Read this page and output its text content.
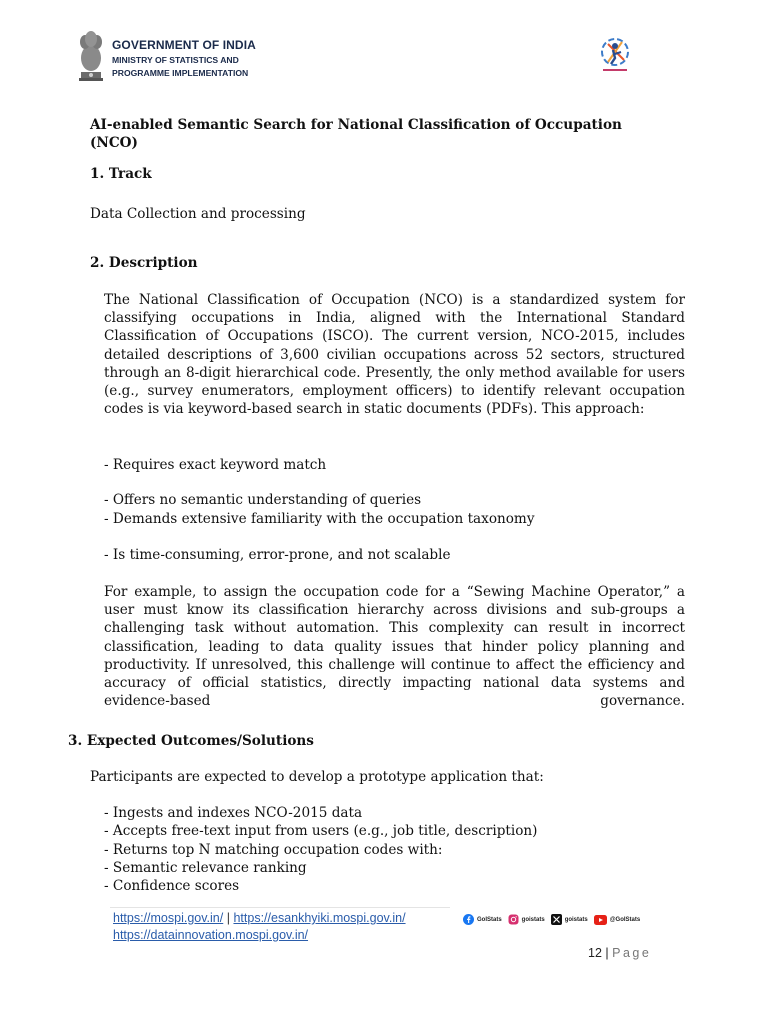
GOVERNMENT OF INDIA
MINISTRY OF STATISTICS AND
PROGRAMME IMPLEMENTATION
AI-enabled Semantic Search for National Classification of Occupation
(NCO)
1. Track
Data Collection and processing
2. Description
The National Classification of Occupation (NCO) is a standardized system for classifying occupations in India, aligned with the International Standard Classification of Occupations (ISCO). The current version, NCO-2015, includes detailed descriptions of 3,600 civilian occupations across 52 sectors, structured through an 8-digit hierarchical code. Presently, the only method available for users (e.g., survey enumerators, employment officers) to identify relevant occupation codes is via keyword-based search in static documents (PDFs). This approach:
- Requires exact keyword match
- Offers no semantic understanding of queries
- Demands extensive familiarity with the occupation taxonomy
- Is time-consuming, error-prone, and not scalable
For example, to assign the occupation code for a “Sewing Machine Operator,” a user must know its classification hierarchy across divisions and sub-groups a challenging task without automation. This complexity can result in incorrect classification, leading to data quality issues that hinder policy planning and productivity. If unresolved, this challenge will continue to affect the efficiency and accuracy of official statistics, directly impacting national data systems and evidence-based governance.
3. Expected Outcomes/Solutions
Participants are expected to develop a prototype application that:
- Ingests and indexes NCO-2015 data
- Accepts free-text input from users (e.g., job title, description)
- Returns top N matching occupation codes with:
- Semantic relevance ranking
- Confidence scores
https://mospi.gov.in/ | https://esankhyiki.mospi.gov.in/
https://datainnovation.mospi.gov.in/
GoIStats	goistats	goistats	@GoIStats
12 | Page
